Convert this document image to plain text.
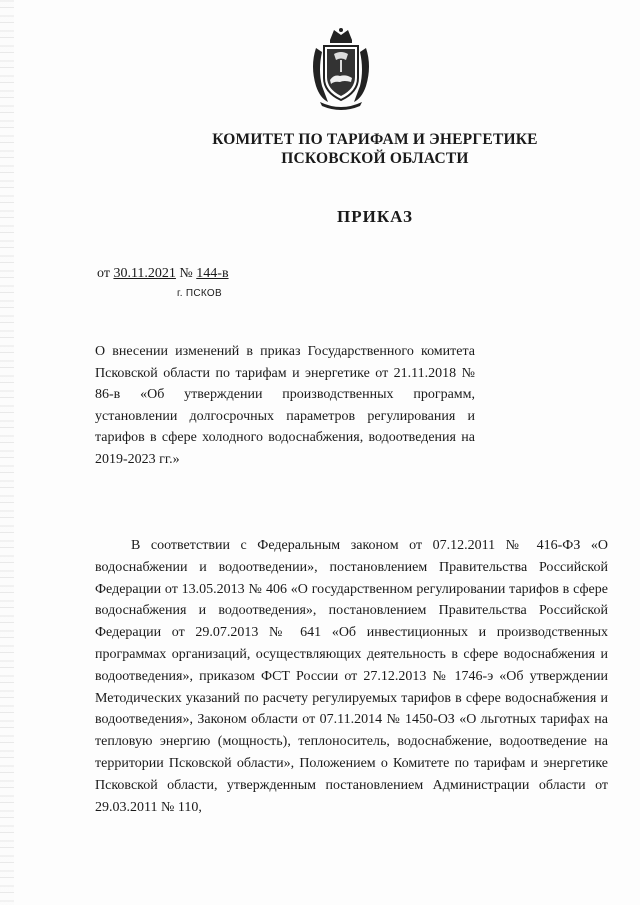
КОМИТЕТ ПО ТАРИФАМ И ЭНЕРГЕТИКЕ
ПСКОВСКОЙ ОБЛАСТИ
ПРИКАЗ
от 30.11.2021 № 144-в
г. ПСКОВ
О внесении изменений в приказ Государственного комитета Псковской области по тарифам и энергетике от 21.11.2018 № 86-в «Об утверждении производственных программ, установлении долгосрочных параметров регулирования и тарифов в сфере холодного водоснабжения, водоотведения на 2019-2023 гг.»
В соответствии с Федеральным законом от 07.12.2011 № 416-ФЗ «О водоснабжении и водоотведении», постановлением Правительства Российской Федерации от 13.05.2013 № 406 «О государственном регулировании тарифов в сфере водоснабжения и водоотведения», постановлением Правительства Российской Федерации от 29.07.2013 № 641 «Об инвестиционных и производственных программах организаций, осуществляющих деятельность в сфере водоснабжения и водоотведения», приказом ФСТ России от 27.12.2013 № 1746-э «Об утверждении Методических указаний по расчету регулируемых тарифов в сфере водоснабжения и водоотведения», Законом области от 07.11.2014 № 1450-ОЗ «О льготных тарифах на тепловую энергию (мощность), теплоноситель, водоснабжение, водоотведение на территории Псковской области», Положением о Комитете по тарифам и энергетике Псковской области, утвержденным постановлением Администрации области от 29.03.2011 № 110,
